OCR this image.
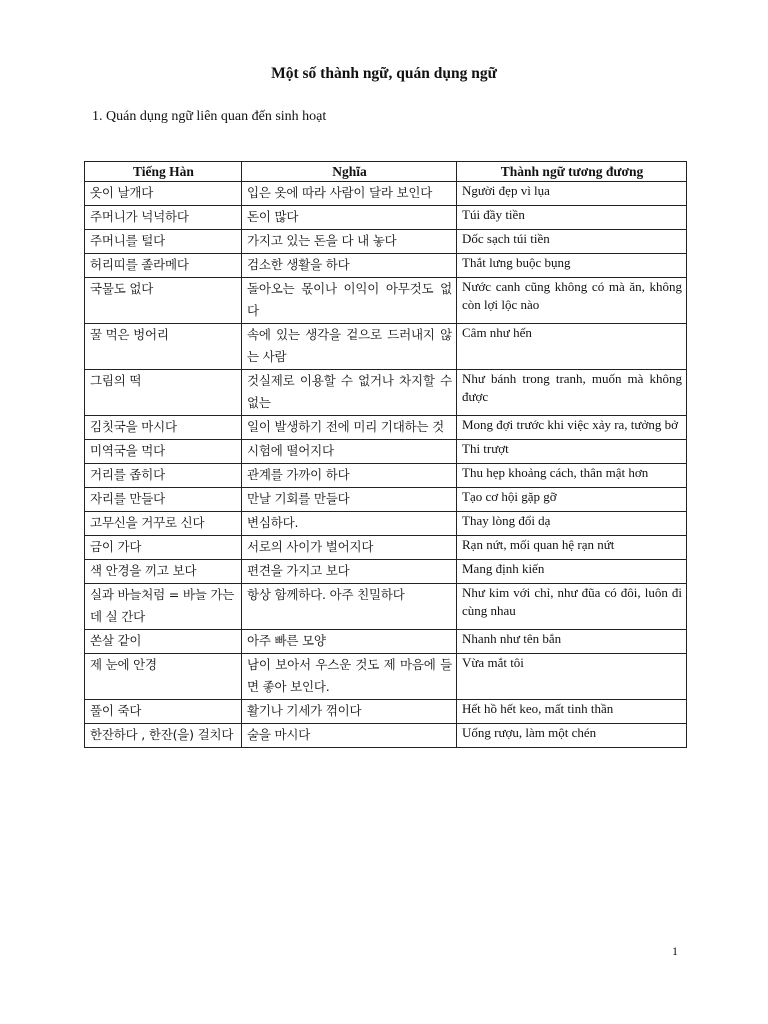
Một số thành ngữ, quán dụng ngữ
1. Quán dụng ngữ liên quan đến sinh hoạt
Tiếng Hàn	Nghĩa	Thành ngữ tương đương
옷이 날개다	입은 옷에 따라 사람이 달라 보인다	Người đẹp vì lụa
주머니가 넉넉하다	돈이 많다	Túi đầy tiền
주머니를 털다	가지고 있는 돈을 다 내 놓다	Dốc sạch túi tiền
허리띠를 졸라메다	검소한 생활을 하다	Thắt lưng buộc bụng
국물도 없다	돌아오는 몫이나 이익이 아무것도 없다	Nước canh cũng không có mà ăn, không còn lợi lộc nào
꿀 먹은 벙어리	속에 있는 생각을 겉으로 드러내지 않는 사람	Câm như hến
그림의 떡	것실제로 이용할 수 없거나 차지할 수 없는	Như bánh trong tranh, muốn mà không được
김칫국을 마시다	일이 발생하기 전에 미리 기대하는 것	Mong đợi trước khi việc xảy ra, tưởng bở
미역국을 먹다	시험에 떨어지다	Thi trượt
거리를 좁히다	관계를 가까이 하다	Thu hẹp khoảng cách, thân mật hơn
자리를 만들다	만날 기회를 만들다	Tạo cơ hội gặp gỡ
고무신을 거꾸로 신다	변심하다.	Thay lòng đổi dạ
금이 가다	서로의 사이가 벌어지다	Rạn nứt, mối quan hệ rạn nứt
색 안경을 끼고 보다	편견을 가지고 보다	Mang định kiến
실과 바늘처럼 = 바늘 가는 데 실 간다	항상 함께하다. 아주 친밀하다	Như kim với chỉ, như đũa có đôi, luôn đi cùng nhau
쏜살 같이	아주 빠른 모양	Nhanh như tên bắn
제 눈에 안경	남이 보아서 우스운 것도 제 마음에 들면 좋아 보인다.	Vừa mắt tôi
풀이 죽다	활기나 기세가 꺾이다	Hết hồ hết keo, mất tinh thần
한잔하다 , 한잔(을) 걸치다	술을 마시다	Uống rượu, làm một chén
1
